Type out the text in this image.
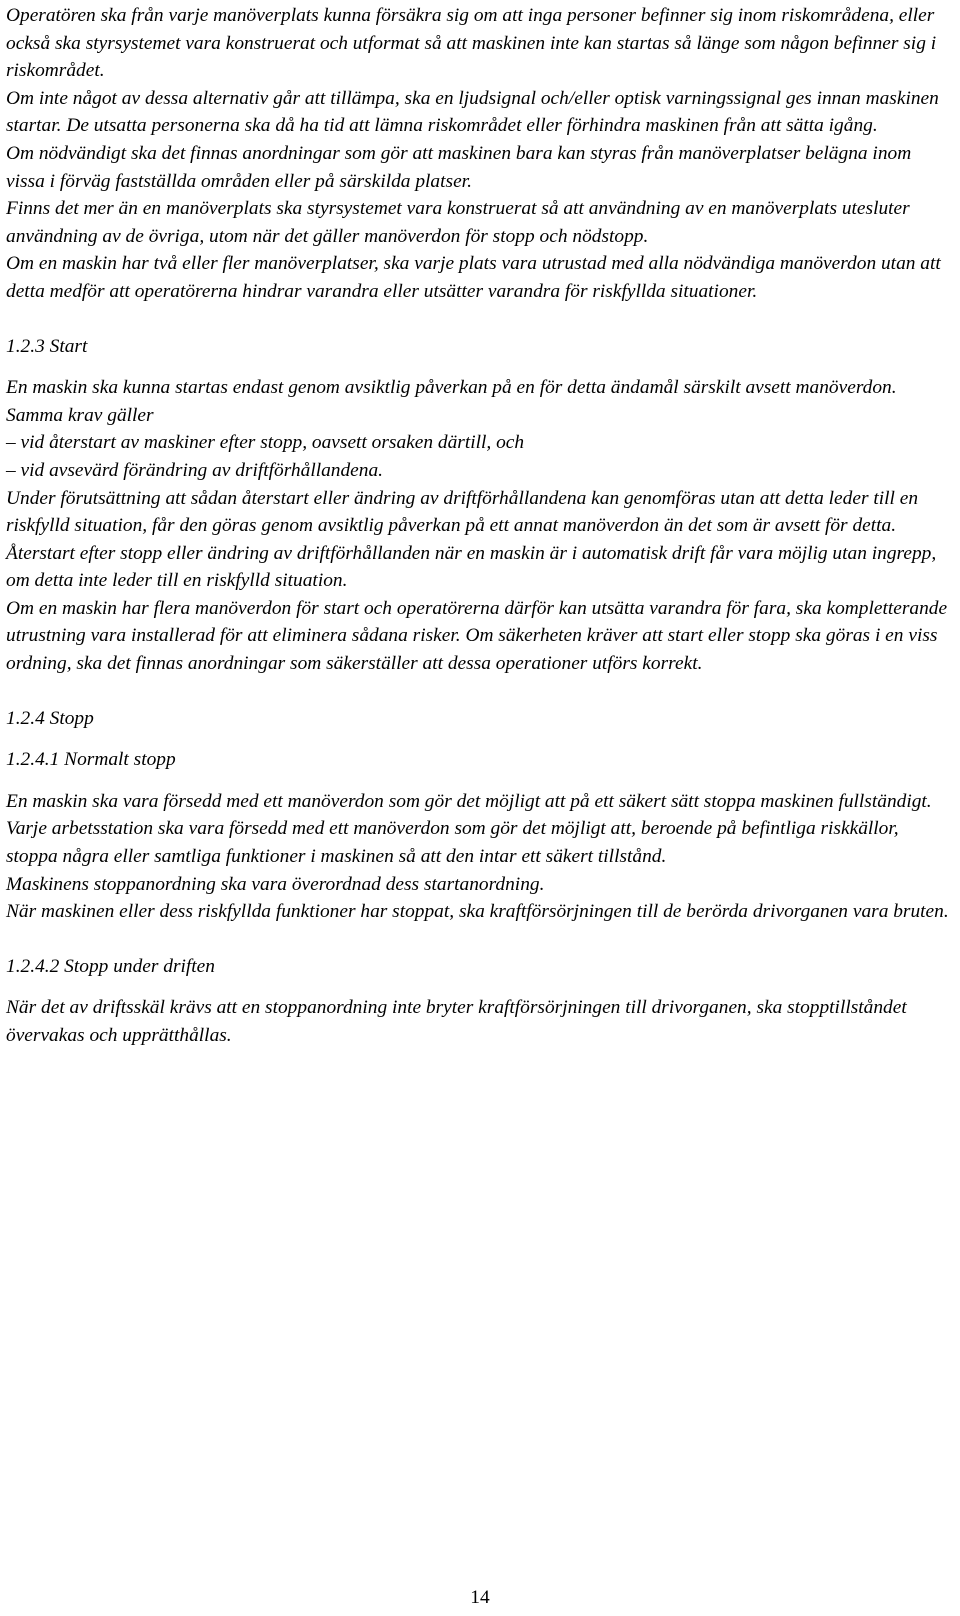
Operatören ska från varje manöverplats kunna försäkra sig om att inga personer befinner sig inom riskområdena, eller också ska styrsystemet vara konstruerat och utformat så att maskinen inte kan startas så länge som någon befinner sig i riskområdet.

Om inte något av dessa alternativ går att tillämpa, ska en ljudsignal och/eller optisk varningssignal ges innan maskinen startar. De utsatta personerna ska då ha tid att lämna riskområdet eller förhindra maskinen från att sätta igång.

Om nödvändigt ska det finnas anordningar som gör att maskinen bara kan styras från manöverplatser belägna inom vissa i förväg fastställda områden eller på särskilda platser.

Finns det mer än en manöverplats ska styrsystemet vara konstruerat så att användning av en manöverplats utesluter användning av de övriga, utom när det gäller manöverdon för stopp och nödstopp.

Om en maskin har två eller fler manöverplatser, ska varje plats vara utrustad med alla nödvändiga manöverdon utan att detta medför att operatörerna hindrar varandra eller utsätter varandra för riskfyllda situationer.

1.2.3 Start

En maskin ska kunna startas endast genom avsiktlig påverkan på en för detta ändamål särskilt avsett manöverdon.

Samma krav gäller

– vid återstart av maskiner efter stopp, oavsett orsaken därtill, och

– vid avsevärd förändring av driftförhållandena.

Under förutsättning att sådan återstart eller ändring av driftförhållandena kan genomföras utan att detta leder till en riskfylld situation, får den göras genom avsiktlig påverkan på ett annat manöverdon än det som är avsett för detta.

Återstart efter stopp eller ändring av driftförhållanden när en maskin är i automatisk drift får vara möjlig utan ingrepp, om detta inte leder till en riskfylld situation.

Om en maskin har flera manöverdon för start och operatörerna därför kan utsätta varandra för fara, ska kompletterande utrustning vara installerad för att eliminera sådana risker. Om säkerheten kräver att start eller stopp ska göras i en viss ordning, ska det finnas anordningar som säkerställer att dessa operationer utförs korrekt.

1.2.4 Stopp

1.2.4.1 Normalt stopp

En maskin ska vara försedd med ett manöverdon som gör det möjligt att på ett säkert sätt stoppa maskinen fullständigt.

Varje arbetsstation ska vara försedd med ett manöverdon som gör det möjligt att, beroende på befintliga riskkällor, stoppa några eller samtliga funktioner i maskinen så att den intar ett säkert tillstånd.

Maskinens stoppanordning ska vara överordnad dess startanordning.

När maskinen eller dess riskfyllda funktioner har stoppat, ska kraftförsörjningen till de berörda drivorganen vara bruten.

1.2.4.2 Stopp under driften

När det av driftsskäl krävs att en stoppanordning inte bryter kraftförsörjningen till drivorganen, ska stopptillståndet övervakas och upprätthållas.

14
